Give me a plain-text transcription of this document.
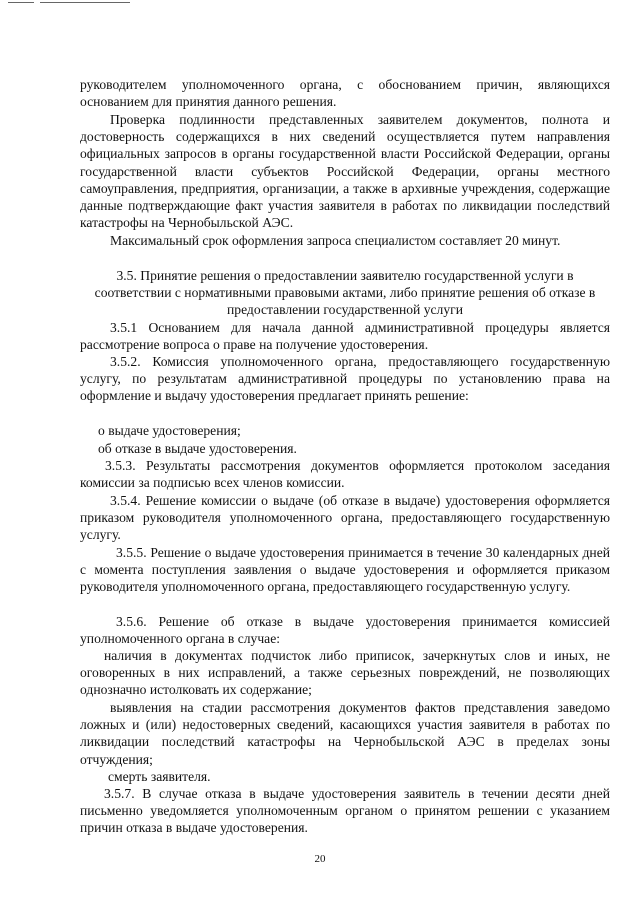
руководителем уполномоченного органа, с обоснованием причин, являющихся основанием для принятия данного решения.

Проверка подлинности представленных заявителем документов, полнота и достоверность содержащихся в них сведений осуществляется путем направления официальных запросов в органы государственной власти Российской Федерации, органы государственной власти субъектов Российской Федерации, органы местного самоуправления, предприятия, организации, а также в архивные учреждения, содержащие данные подтверждающие факт участия заявителя в работах по ликвидации последствий катастрофы на Чернобыльской АЭС.

Максимальный срок оформления запроса специалистом составляет 20 минут.

3.5. Принятие решения о предоставлении заявителю государственной услуги в соответствии с нормативными правовыми актами, либо принятие решения об отказе в предоставлении государственной услуги

3.5.1 Основанием для начала данной административной процедуры является рассмотрение вопроса о праве на получение удостоверения.

3.5.2. Комиссия уполномоченного органа, предоставляющего государственную услугу, по результатам административной процедуры по установлению права на оформление и выдачу удостоверения предлагает принять решение:

о выдаче удостоверения;

об отказе в выдаче удостоверения.

3.5.3. Результаты рассмотрения документов оформляется протоколом заседания комиссии за подписью всех членов комиссии.

3.5.4. Решение комиссии о выдаче (об отказе в выдаче) удостоверения оформляется приказом руководителя уполномоченного органа, предоставляющего государственную услугу.

3.5.5. Решение о выдаче удостоверения принимается в течение 30 календарных дней с момента поступления заявления о выдаче удостоверения и оформляется приказом руководителя уполномоченного органа, предоставляющего государственную услугу.

3.5.6. Решение об отказе в выдаче удостоверения принимается комиссией уполномоченного органа в случае:

наличия в документах подчисток либо приписок, зачеркнутых слов и иных, не оговоренных в них исправлений, а также серьезных повреждений, не позволяющих однозначно истолковать их содержание;

выявления на стадии рассмотрения документов фактов представления заведомо ложных и (или) недостоверных сведений, касающихся участия заявителя в работах по ликвидации последствий катастрофы на Чернобыльской АЭС в пределах зоны отчуждения;

смерть заявителя.

3.5.7. В случае отказа в выдаче удостоверения заявитель в течении десяти дней письменно уведомляется уполномоченным органом о принятом решении с указанием причин отказа в выдаче удостоверения.

20
